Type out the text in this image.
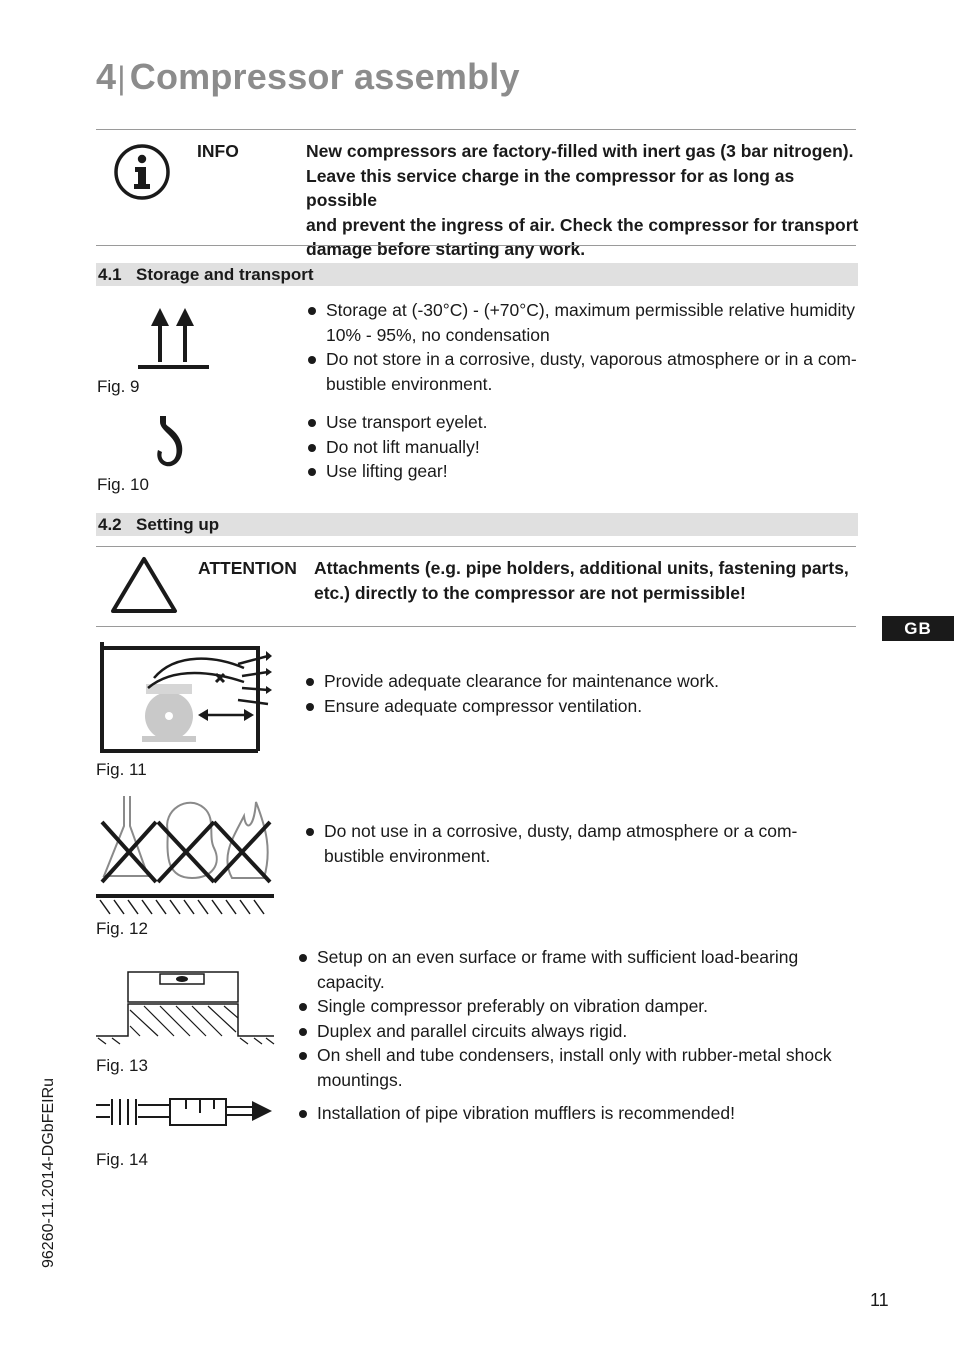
4| Compressor assembly
INFO	New compressors are factory-filled with inert gas (3 bar nitrogen).
Leave this service charge in the compressor for as long as possible
and prevent the ingress of air. Check the compressor for transport
damage before starting any work.
4.1 Storage and transport
Fig. 9
Storage at (-30°C) - (+70°C), maximum permissible relative humidity
10% - 95%, no condensation
Do not store in a corrosive, dusty, vaporous atmosphere or in a com-
bustible environment.
Fig. 10
Use transport eyelet.
Do not lift manually!
Use lifting gear!
4.2 Setting up
ATTENTION Attachments (e.g. pipe holders, additional units, fastening parts,
etc.) directly to the compressor are not permissible!
GB
Fig. 11
Provide adequate clearance for maintenance work.
Ensure adequate compressor ventilation.
Fig. 12
Do not use in a corrosive, dusty, damp atmosphere or a com-
bustible environment.
Fig. 13
Setup on an even surface or frame with sufficient load-bearing capacity.
Single compressor preferably on vibration damper.
Duplex and parallel circuits always rigid.
On shell and tube condensers, install only with rubber-metal shock
mountings.
Fig. 14
Installation of pipe vibration mufflers is recommended!
96260-11.2014-DGbFEIRu
11
